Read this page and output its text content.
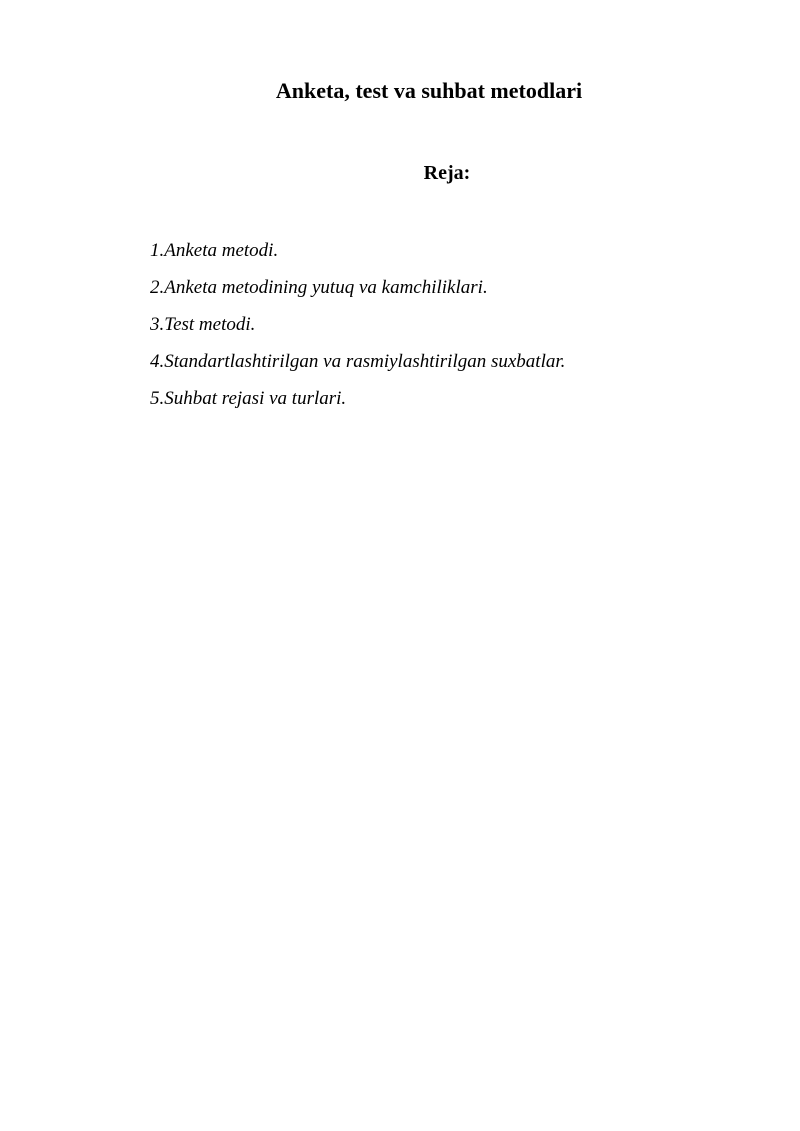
Anketa, test va suhbat metodlari
Reja:
1.Anketa metodi.
2.Anketa metodining yutuq va kamchiliklari.
3.Test metodi.
4.Standartlashtirilgan va rasmiylashtirilgan suxbatlar.
5.Suhbat rejasi va turlari.
